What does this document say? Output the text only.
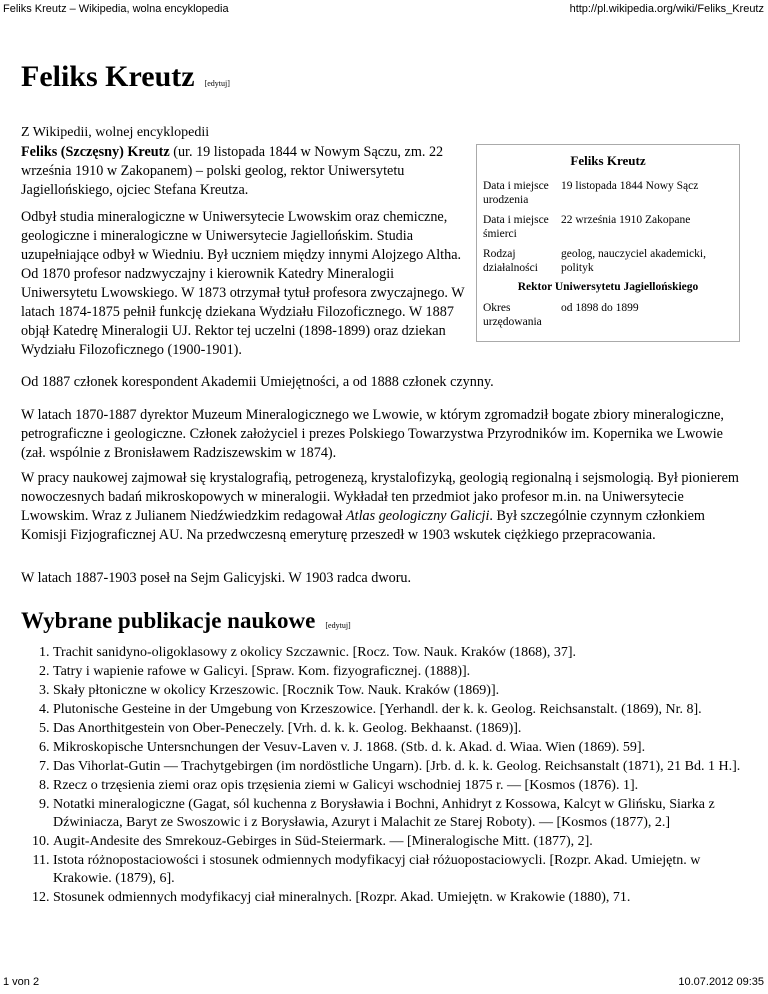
Feliks Kreutz – Wikipedia, wolna encyklopedia	http://pl.wikipedia.org/wiki/Feliks_Kreutz
Feliks Kreutz [edytuj]
Z Wikipedii, wolnej encyklopedii

Feliks (Szczęsny) Kreutz (ur. 19 listopada 1844 w Nowym Sączu, zm. 22 września 1910 w Zakopanem) – polski geolog, rektor Uniwersytetu Jagiellońskiego, ojciec Stefana Kreutza.

Odbył studia mineralogiczne w Uniwersytecie Lwowskim oraz chemiczne, geologiczne i mineralogiczne w Uniwersytecie Jagiellońskim. Studia uzupełniające odbył w Wiedniu. Był uczniem między innymi Alojzego Altha. Od 1870 profesor nadzwyczajny i kierownik Katedry Mineralogii Uniwersytetu Lwowskiego. W 1873 otrzymał tytuł profesora zwyczajnego. W latach 1874-1875 pełnił funkcję dziekana Wydziału Filozoficznego. W 1887 objął Katedrę Mineralogii UJ. Rektor tej uczelni (1898-1899) oraz dziekan Wydziału Filozoficznego (1900-1901).

Feliks Kreutz
Data i miejsce urodzenia
19 listopada 1844 Nowy Sącz
Data i miejsce śmierci
22 września 1910 Zakopane
Rodzaj działalności
geolog, nauczyciel akademicki, polityk
Rektor Uniwersytetu Jagiellońskiego
Okres urzędowania
od 1898 do 1899

Od 1887 członek korespondent Akademii Umiejętności, a od 1888 członek czynny.

W latach 1870-1887 dyrektor Muzeum Mineralogicznego we Lwowie, w którym zgromadził bogate zbiory mineralogiczne, petrograficzne i geologiczne. Członek założyciel i prezes Polskiego Towarzystwa Przyrodników im. Kopernika we Lwowie (zał. wspólnie z Bronisławem Radziszewskim w 1874).

W pracy naukowej zajmował się krystalografią, petrogenezą, krystalofizyką, geologią regionalną i sejsmologią. Był pionierem nowoczesnych badań mikroskopowych w mineralogii. Wykładał ten przedmiot jako profesor m.in. na Uniwersytecie Lwowskim. Wraz z Julianem Niedźwiedzkim redagował Atlas geologiczny Galicji. Był szczególnie czynnym członkiem Komisji Fizjograficznej AU. Na przedwczesną emeryturę przeszedł w 1903 wskutek ciężkiego przepracowania.

W latach 1887-1903 poseł na Sejm Galicyjski. W 1903 radca dworu.

Wybrane publikacje naukowe [edytuj]
1. Trachit sanidyno-oligoklasowy z okolicy Szczawnic. [Rocz. Tow. Nauk. Kraków (1868), 37].
2. Tatry i wapienie rafowe w Galicyi. [Spraw. Kom. fizyograficznej. (1888)].
3. Skały płtoniczne w okolicy Krzeszowic. [Rocznik Tow. Nauk. Kraków (1869)].
4. Plutonische Gesteine in der Umgebung von Krzeszowice. [Yerhandl. der k. k. Geolog. Reichsanstalt. (1869), Nr. 8].
5. Das Anorthitgestein von Ober-Peneczely. [Vrh. d. k. k. Geolog. Bekhaanst. (1869)].
6. Mikroskopische Untersnchungen der Vesuv-Laven v. J. 1868. (Stb. d. k. Akad. d. Wiaa. Wien (1869). 59].
7. Das Vihorlat-Gutin — Trachytgebirgen (im nordöstliche Ungarn). [Jrb. d. k. k. Geolog. Reichsanstalt (1871), 21 Bd. 1 H.].
8. Rzecz o trzęsienia ziemi oraz opis trzęsienia ziemi w Galicyi wschodniej 1875 r. — [Kosmos (1876). 1].
9. Notatki mineralogiczne (Gagat, sól kuchenna z Borysławia i Bochni, Anhidryt z Kossowa, Kalcyt w Glińsku, Siarka z Dźwiniacza, Baryt ze Swoszowic i z Borysławia, Azuryt i Malachit ze Starej Roboty). — [Kosmos (1877), 2.]
10. Augit-Andesite des Smrekouz-Gebirges in Süd-Steiermark. — [Mineralogische Mitt. (1877), 2].
11. Istota różnopostaciowości i stosunek odmiennych modyfikacyj ciał różuopostaciowycli. [Rozpr. Akad. Umiejętn. w Krakowie. (1879), 6].
12. Stosunek odmiennych modyfikacyj ciał mineralnych. [Rozpr. Akad. Umiejętn. w Krakowie (1880), 71.
1 von 2	10.07.2012 09:35
